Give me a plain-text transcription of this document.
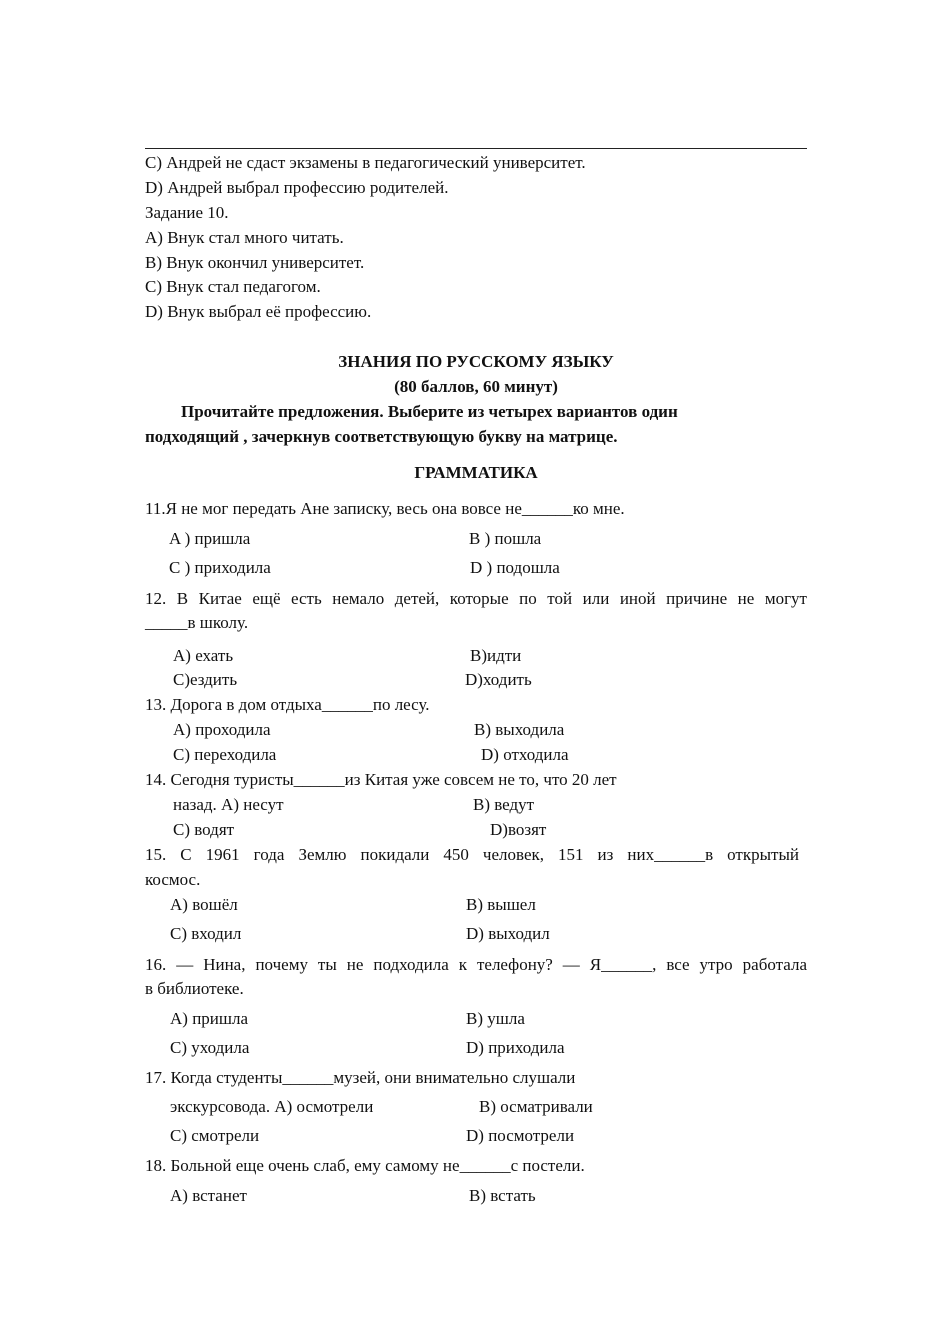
C) Андрей не сдаст экзамены в педагогический университет.
D) Андрей выбрал профессию родителей.
Задание 10.
A) Внук стал много читать.
B) Внук окончил университет.
C) Внук стал педагогом.
D) Внук выбрал её профессию.
ЗНАНИЯ ПО РУССКОМУ ЯЗЫКУ
(80 баллов, 60 минут)
Прочитайте предложения. Выберите из четырех вариантов один
подходящий , зачеркнув соответствующую букву на матрице.
ГРАММАТИКА
11.Я не мог передать Ане записку, весь она вовсе не______ко мне.
A ) пришла	B ) пошла
C ) приходила	D ) подошла
12. В Китае ещё есть немало детей, которые по той или иной причине не могут
_____в школу.
A) ехать	B)идти
C)ездить	D)ходить
13. Дорога в дом отдыха______по лесу.
A) проходила	B) выходила
C) переходила	D) отходила
14. Сегодня туристы______из Китая уже совсем не то, что 20 лет
назад. A) несут	B) ведут
C) водят	D)возят
15. С 1961 года Землю покидали 450 человек, 151 из них______в открытый
космос.
A) вошёл	B) вышел
C) входил	D) выходил
16. — Нина, почему ты не подходила к телефону? — Я______, все утро работала
в библиотеке.
A) пришла	B) ушла
C) уходила	D) приходила
17. Когда студенты______музей, они внимательно слушали
экскурсовода. A) осмотрели	B) осматривали
C) смотрели	D) посмотрели
18. Больной еще очень слаб, ему самому не______с постели.
A) встанет	B) встать
